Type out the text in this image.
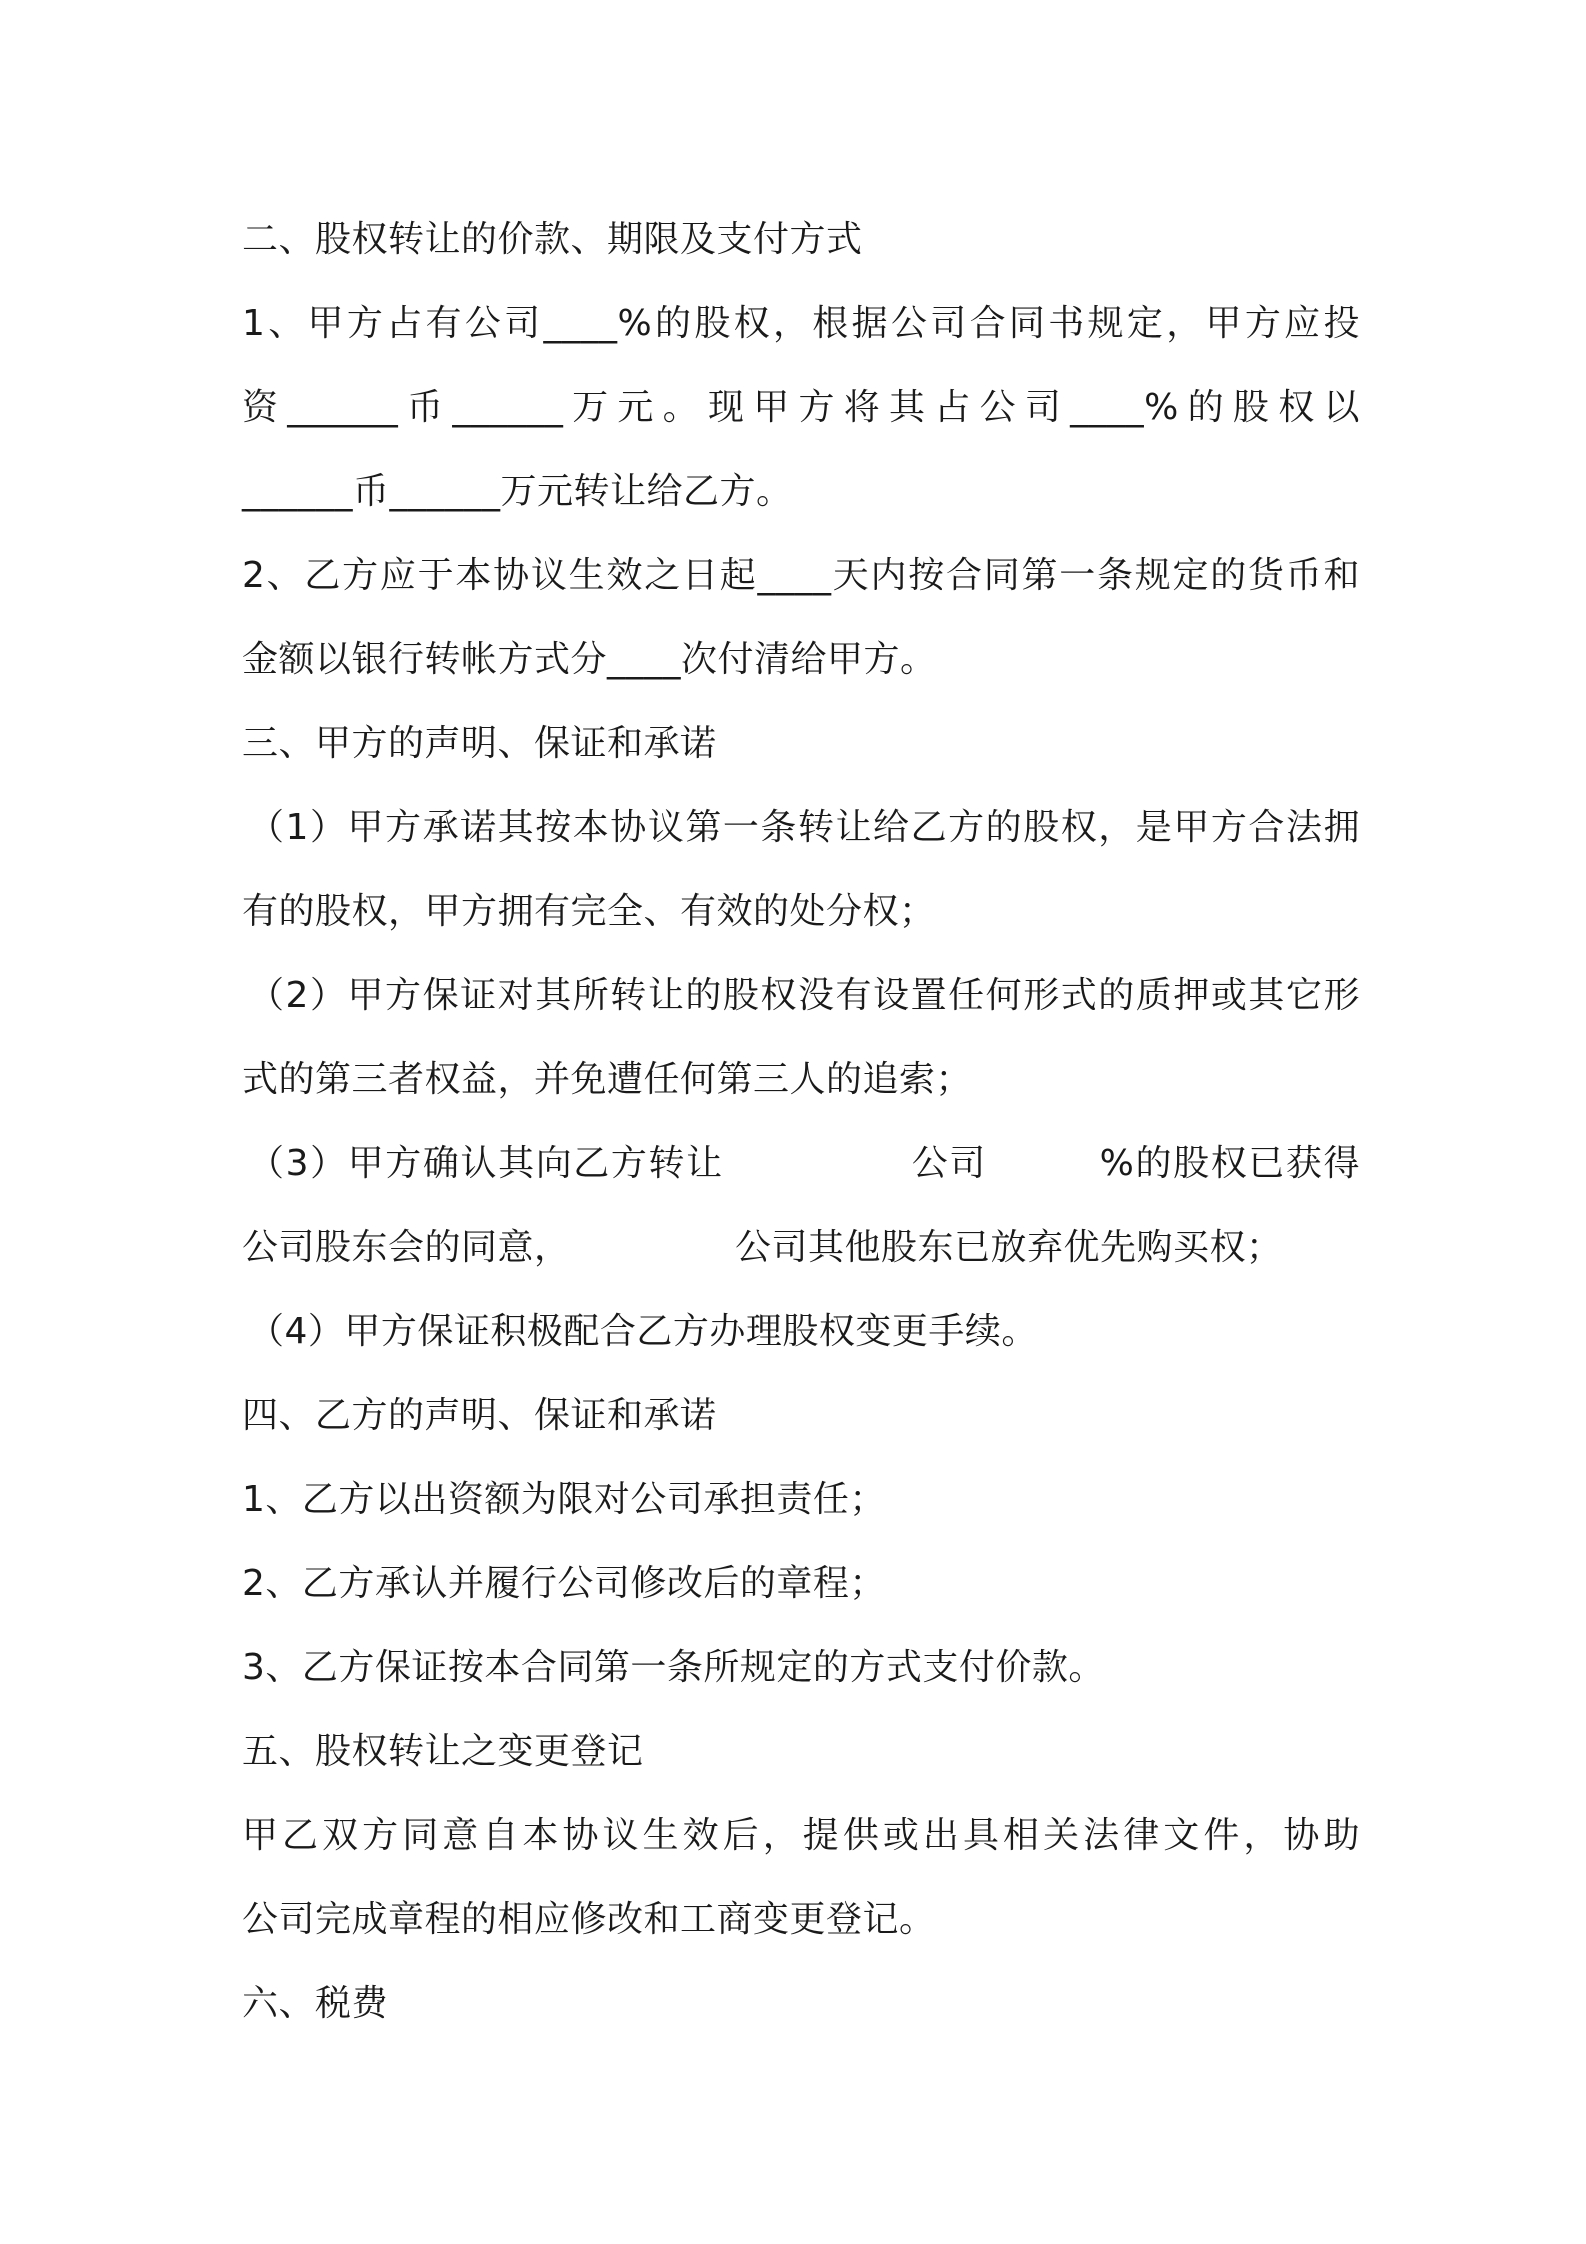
二、股权转让的价款、期限及支付方式
1、甲方占有公司____%的股权，根据公司合同书规定，甲方应投
资______币______万元。现甲方将其占公司____%的股权以
______币______万元转让给乙方。
2、乙方应于本协议生效之日起____天内按合同第一条规定的货币和
金额以银行转帐方式分____次付清给甲方。
三、甲方的声明、保证和承诺
（1）甲方承诺其按本协议第一条转让给乙方的股权，是甲方合法拥
有的股权，甲方拥有完全、有效的处分权；
（2）甲方保证对其所转让的股权没有设置任何形式的质押或其它形
式的第三者权益，并免遭任何第三人的追索；
（3）甲方确认其向乙方转让　　　　　公司　　　%的股权已获得
公司股东会的同意，　　　　　公司其他股东已放弃优先购买权；
（4）甲方保证积极配合乙方办理股权变更手续。
四、乙方的声明、保证和承诺
1、乙方以出资额为限对公司承担责任；
2、乙方承认并履行公司修改后的章程；
3、乙方保证按本合同第一条所规定的方式支付价款。
五、股权转让之变更登记
甲乙双方同意自本协议生效后，提供或出具相关法律文件，协助
公司完成章程的相应修改和工商变更登记。
六、税费
